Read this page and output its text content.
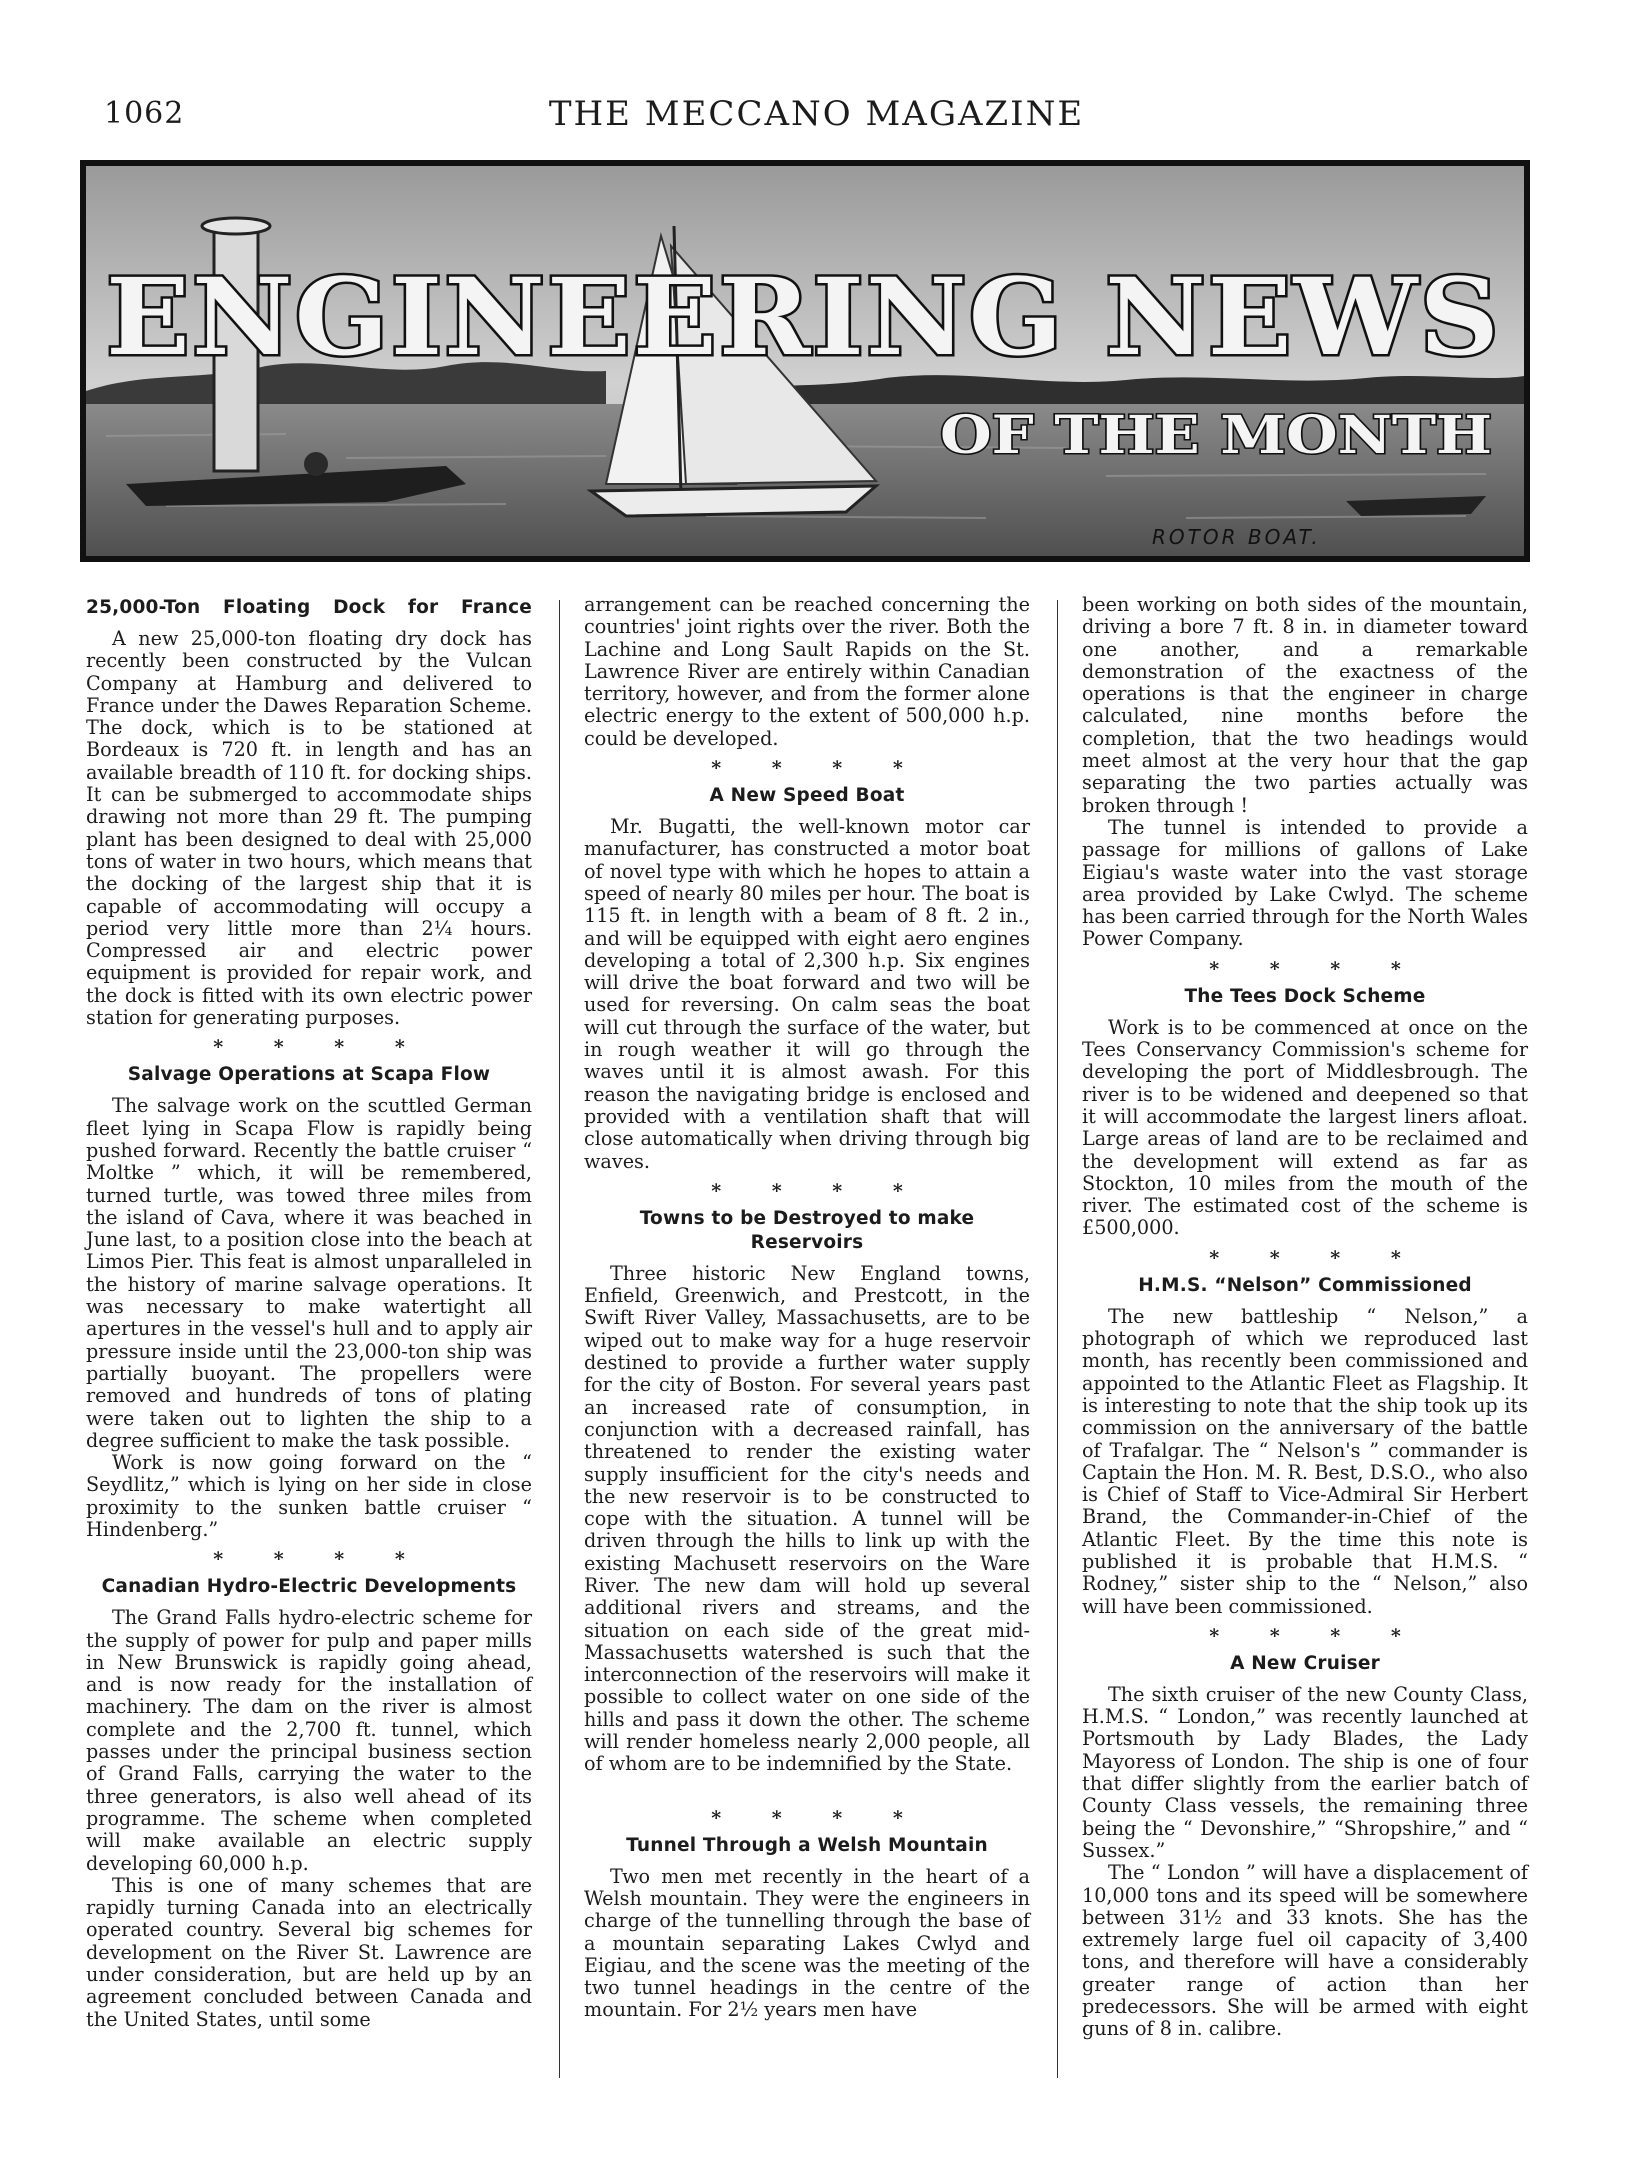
1062	THE MECCANO MAGAZINE
ENGINEERING NEWS
OF THE MONTH
ROTOR BOAT.
25,000-Ton Floating Dock for France

A new 25,000-ton floating dry dock has recently been constructed by the Vulcan Company at Hamburg and delivered to France under the Dawes Reparation Scheme. The dock, which is to be stationed at Bordeaux is 720 ft. in length and has an available breadth of 110 ft. for docking ships. It can be submerged to accommodate ships drawing not more than 29 ft. The pumping plant has been designed to deal with 25,000 tons of water in two hours, which means that the docking of the largest ship that it is capable of accommodating will occupy a period very little more than 2¼ hours. Compressed air and electric power equipment is provided for repair work, and the dock is fitted with its own electric power station for generating purposes.

* * * *
Salvage Operations at Scapa Flow

The salvage work on the scuttled German fleet lying in Scapa Flow is rapidly being pushed forward. Recently the battle cruiser “ Moltke ” which, it will be remembered, turned turtle, was towed three miles from the island of Cava, where it was beached in June last, to a position close into the beach at Limos Pier. This feat is almost unparalleled in the history of marine salvage operations. It was necessary to make watertight all apertures in the vessel's hull and to apply air pressure inside until the 23,000-ton ship was partially buoyant. The propellers were removed and hundreds of tons of plating were taken out to lighten the ship to a degree sufficient to make the task possible.

Work is now going forward on the “ Seydlitz,” which is lying on her side in close proximity to the sunken battle cruiser “ Hindenberg.”

* * * *
Canadian Hydro-Electric Developments

The Grand Falls hydro-electric scheme for the supply of power for pulp and paper mills in New Brunswick is rapidly going ahead, and is now ready for the installation of machinery. The dam on the river is almost complete and the 2,700 ft. tunnel, which passes under the principal business section of Grand Falls, carrying the water to the three generators, is also well ahead of its programme. The scheme when completed will make available an electric supply developing 60,000 h.p.

This is one of many schemes that are rapidly turning Canada into an electrically operated country. Several big schemes for development on the River St. Lawrence are under consideration, but are held up by an agreement concluded between Canada and the United States, until some

arrangement can be reached concerning the countries' joint rights over the river. Both the Lachine and Long Sault Rapids on the St. Lawrence River are entirely within Canadian territory, however, and from the former alone electric energy to the extent of 500,000 h.p. could be developed.

* * * *
A New Speed Boat

Mr. Bugatti, the well-known motor car manufacturer, has constructed a motor boat of novel type with which he hopes to attain a speed of nearly 80 miles per hour. The boat is 115 ft. in length with a beam of 8 ft. 2 in., and will be equipped with eight aero engines developing a total of 2,300 h.p. Six engines will drive the boat forward and two will be used for reversing. On calm seas the boat will cut through the surface of the water, but in rough weather it will go through the waves until it is almost awash. For this reason the navigating bridge is enclosed and provided with a ventilation shaft that will close automatically when driving through big waves.

* * * *
Towns to be Destroyed to make Reservoirs

Three historic New England towns, Enfield, Greenwich, and Prestcott, in the Swift River Valley, Massachusetts, are to be wiped out to make way for a huge reservoir destined to provide a further water supply for the city of Boston. For several years past an increased rate of consumption, in conjunction with a decreased rainfall, has threatened to render the existing water supply insufficient for the city's needs and the new reservoir is to be constructed to cope with the situation. A tunnel will be driven through the hills to link up with the existing Machusett reservoirs on the Ware River. The new dam will hold up several additional rivers and streams, and the situation on each side of the great mid-Massachusetts watershed is such that the interconnection of the reservoirs will make it possible to collect water on one side of the hills and pass it down the other. The scheme will render homeless nearly 2,000 people, all of whom are to be indemnified by the State.

* * * *
Tunnel Through a Welsh Mountain

Two men met recently in the heart of a Welsh mountain. They were the engineers in charge of the tunnelling through the base of a mountain separating Lakes Cwlyd and Eigiau, and the scene was the meeting of the two tunnel headings in the centre of the mountain. For 2½ years men have

been working on both sides of the mountain, driving a bore 7 ft. 8 in. in diameter toward one another, and a remarkable demonstration of the exactness of the operations is that the engineer in charge calculated, nine months before the completion, that the two headings would meet almost at the very hour that the gap separating the two parties actually was broken through !

The tunnel is intended to provide a passage for millions of gallons of Lake Eigiau's waste water into the vast storage area provided by Lake Cwlyd. The scheme has been carried through for the North Wales Power Company.

* * * *
The Tees Dock Scheme

Work is to be commenced at once on the Tees Conservancy Commission's scheme for developing the port of Middlesbrough. The river is to be widened and deepened so that it will accommodate the largest liners afloat. Large areas of land are to be reclaimed and the development will extend as far as Stockton, 10 miles from the mouth of the river. The estimated cost of the scheme is £500,000.

* * * *
H.M.S. “Nelson” Commissioned

The new battleship “ Nelson,” a photograph of which we reproduced last month, has recently been commissioned and appointed to the Atlantic Fleet as Flagship. It is interesting to note that the ship took up its commission on the anniversary of the battle of Trafalgar. The “ Nelson's ” commander is Captain the Hon. M. R. Best, D.S.O., who also is Chief of Staff to Vice-Admiral Sir Herbert Brand, the Commander-in-Chief of the Atlantic Fleet. By the time this note is published it is probable that H.M.S. “ Rodney,” sister ship to the “ Nelson,” also will have been commissioned.

* * * *
A New Cruiser

The sixth cruiser of the new County Class, H.M.S. “ London,” was recently launched at Portsmouth by Lady Blades, the Lady Mayoress of London. The ship is one of four that differ slightly from the earlier batch of County Class vessels, the remaining three being the “ Devonshire,” “Shropshire,” and “ Sussex.”

The “ London ” will have a displacement of 10,000 tons and its speed will be somewhere between 31½ and 33 knots. She has the extremely large fuel oil capacity of 3,400 tons, and therefore will have a considerably greater range of action than her predecessors. She will be armed with eight guns of 8 in. calibre.
